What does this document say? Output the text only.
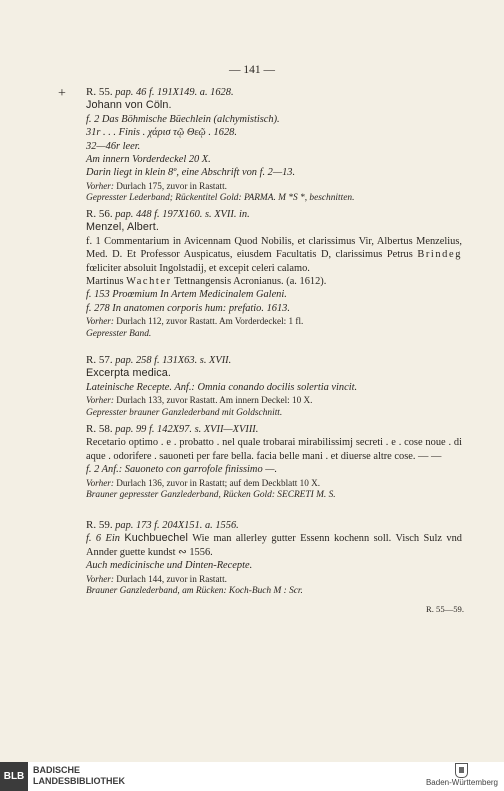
— 141 —
+ R. 55. pap. 46 f. 191X149. a. 1628.
Johann von Cöln.
f. 2 Das Böhmische Büechlein (alchymistisch).
31r . . . Finis . χάρισ τῷ Θεῷ . 1628.
32—46r leer.
Am innern Vorderdeckel 20 X.
Darin liegt in klein 8º, eine Abschrift von f. 2—13.
Vorher: Durlach 175, zuvor in Rastatt.
Gepresster Lederband; Rückentitel Gold: PARMA. M *S *, beschnitten.
R. 56. pap. 448 f. 197X160. s. XVII. in.
Menzel, Albert.
f. 1 Commentarium in Avicennam Quod Nobilis, et clarissimus Vir, Albertus Menzelius, Med. D. Et Professor Auspicatus, eiusdem Facultatis D, clarissimus Petrus Brindeg fœliciter absoluit Ingolstadij, et excepit celeri calamo.
Martinus Wachter Tettnangensis Acronianus. (a. 1612).
f. 153 Proœmium In Artem Medicinalem Galeni.
f. 278 In anatomen corporis hum: prefatio. 1613.
Vorher: Durlach 112, zuvor Rastatt. Am Vorderdeckel: 1 fl.
Gepresster Band.
R. 57. pap. 258 f. 131X63. s. XVII.
Excerpta medica.
Lateinische Recepte. Anf.: Omnia conando docilis solertia vincit.
Vorher: Durlach 133, zuvor Rastatt. Am innern Deckel: 10 X.
Gepresster brauner Ganzlederband mit Goldschnitt.
R. 58. pap. 99 f. 142X97. s. XVII—XVIII.
Recetario optimo . e . probatto . nel quale trobarai mirabilissimj secreti . e . cose noue . di aque . odorifere . sauoneti per fare bella. facia belle mani . et diuerse altre cose. — —
f. 2 Anf.: Sauoneto con garrofole finissimo —.
Vorher: Durlach 136, zuvor in Rastatt; auf dem Deckblatt 10 X.
Brauner gepresster Ganzlederband, Rücken Gold: SECRETI M. S.
R. 59. pap. 173 f. 204X151. a. 1556.
f. 6 Ein Kuchbuechel Wie man allerley gutter Essenn kochenn soll. Visch Sulz vnd Annder guette kundst ∾ 1556.
Auch medicinische und Dinten-Recepte.
Vorher: Durlach 144, zuvor in Rastatt.
Brauner Ganzlederband, am Rücken: Koch-Buch M : Scr.
R. 55—59.
BLB
BADISCHE
LANDESBIBLIOTHEK	Baden-Württemberg
